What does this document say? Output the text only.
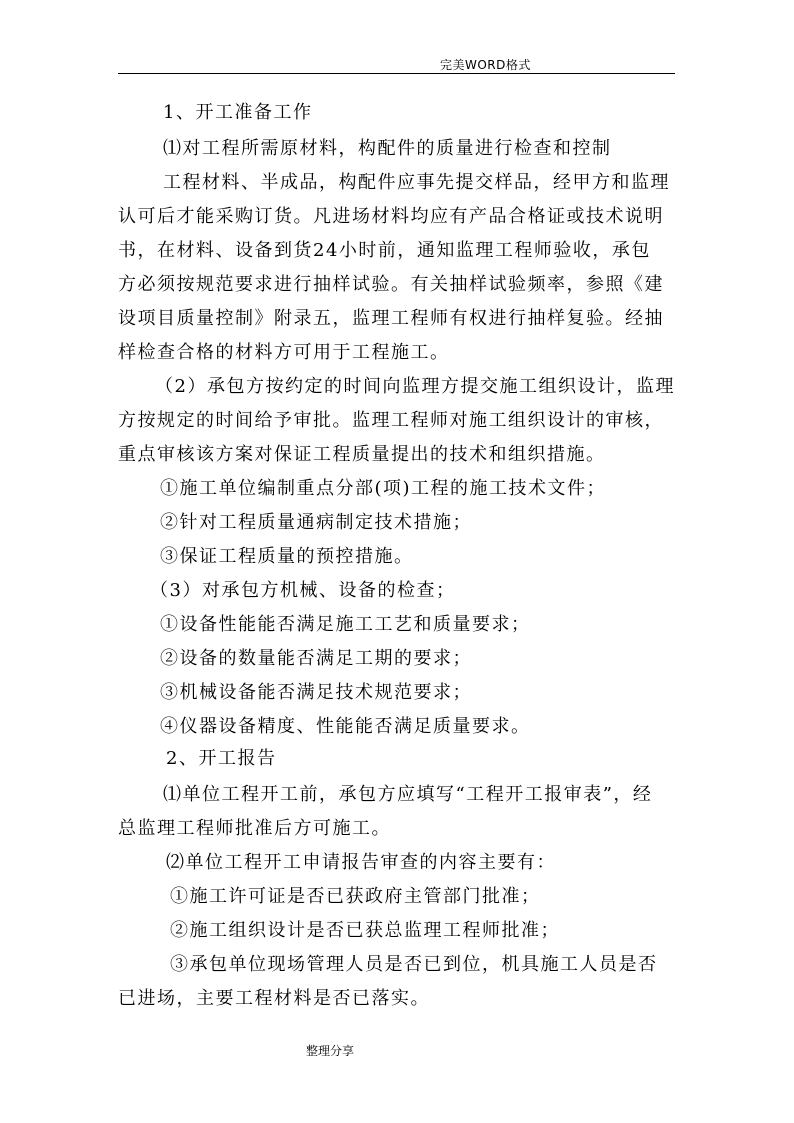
完美WORD格式
1、开工准备工作
⑴对工程所需原材料，构配件的质量进行检查和控制
工程材料、半成品，构配件应事先提交样品，经甲方和监理
认可后才能采购订货。凡进场材料均应有产品合格证或技术说明
书，在材料、设备到货24小时前，通知监理工程师验收，承包
方必须按规范要求进行抽样试验。有关抽样试验频率，参照《建
设项目质量控制》附录五，监理工程师有权进行抽样复验。经抽
样检查合格的材料方可用于工程施工。
（2）承包方按约定的时间向监理方提交施工组织设计，监理
方按规定的时间给予审批。监理工程师对施工组织设计的审核，
重点审核该方案对保证工程质量提出的技术和组织措施。
①施工单位编制重点分部(项)工程的施工技术文件；
②针对工程质量通病制定技术措施；
③保证工程质量的预控措施。
（3）对承包方机械、设备的检查；
①设备性能能否满足施工工艺和质量要求；
②设备的数量能否满足工期的要求；
③机械设备能否满足技术规范要求；
④仪器设备精度、性能能否满足质量要求。
2、开工报告
⑴单位工程开工前，承包方应填写“工程开工报审表”，经
总监理工程师批准后方可施工。
⑵单位工程开工申请报告审查的内容主要有：
①施工许可证是否已获政府主管部门批准；
②施工组织设计是否已获总监理工程师批准；
③承包单位现场管理人员是否已到位，机具施工人员是否
已进场，主要工程材料是否已落实。
整理分享
